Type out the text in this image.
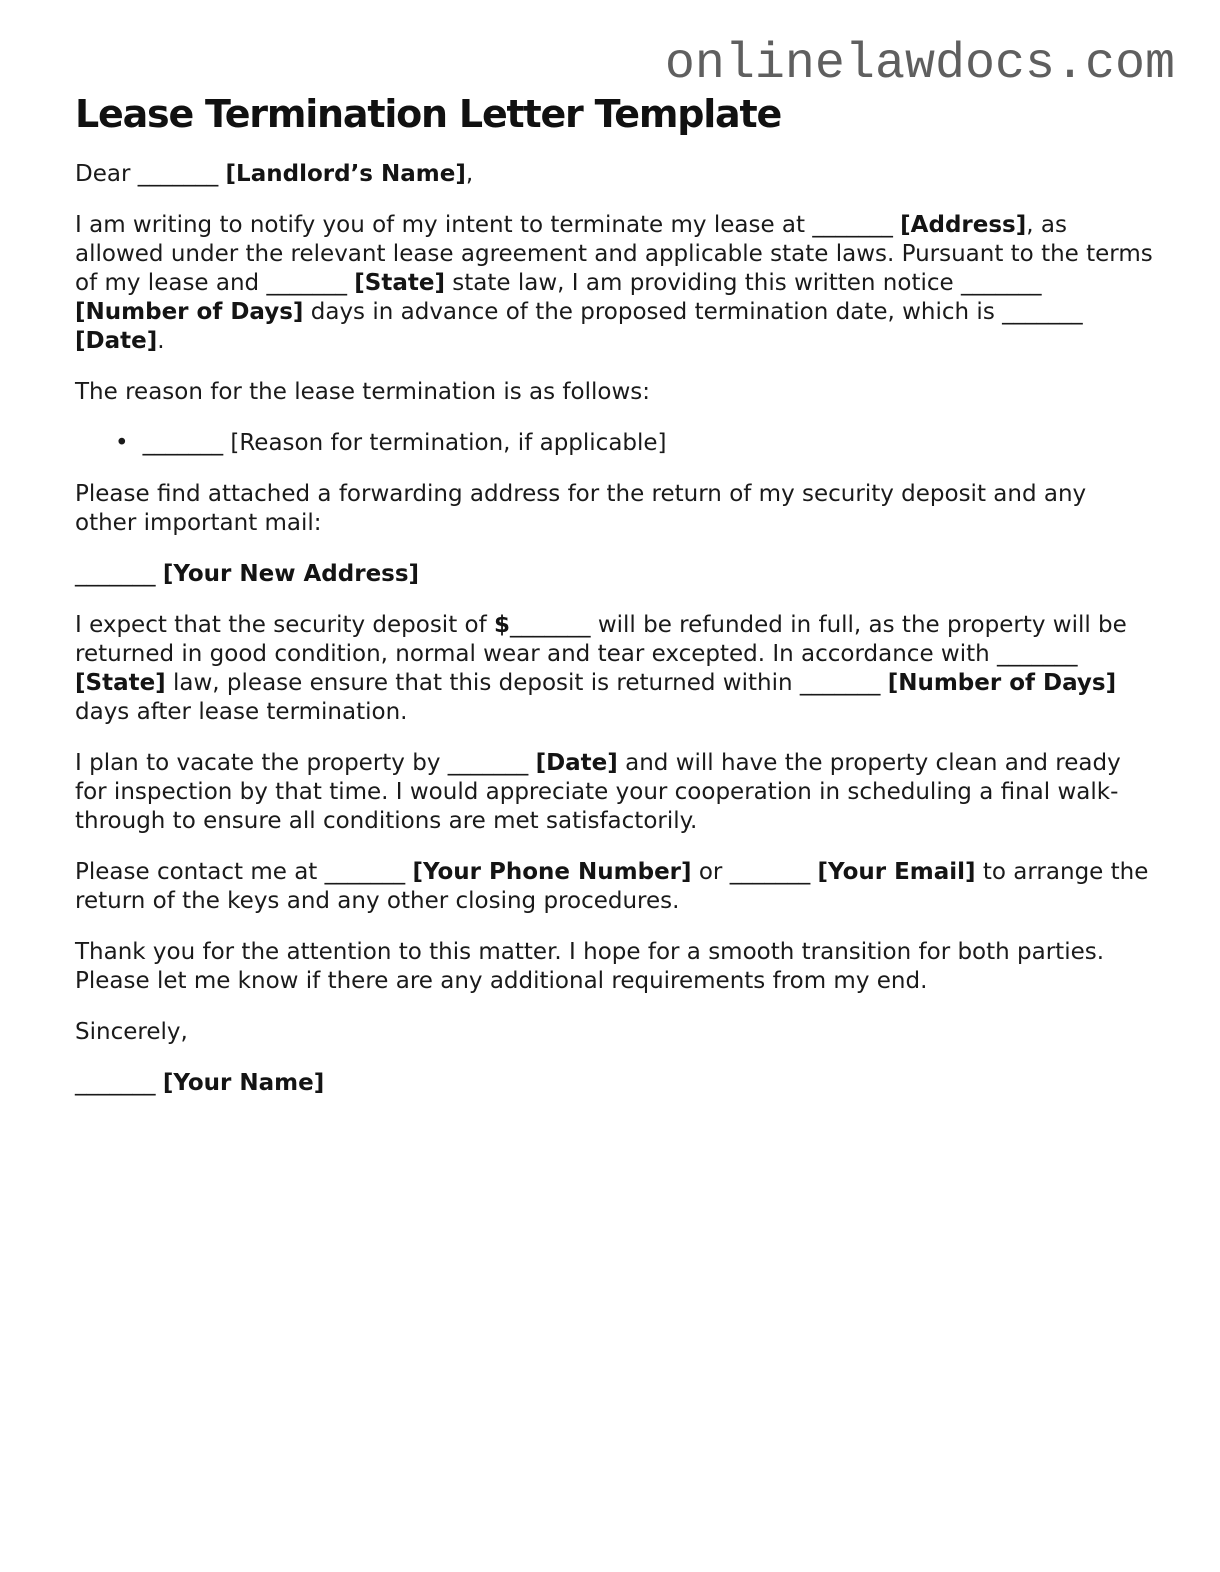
onlinelawdocs.com
Lease Termination Letter Template

Dear _______ [Landlord’s Name],

I am writing to notify you of my intent to terminate my lease at _______ [Address], as allowed under the relevant lease agreement and applicable state laws. Pursuant to the terms of my lease and _______ [State] state law, I am providing this written notice _______ [Number of Days] days in advance of the proposed termination date, which is _______ [Date].

The reason for the lease termination is as follows:

• _______ [Reason for termination, if applicable]

Please find attached a forwarding address for the return of my security deposit and any other important mail:

_______ [Your New Address]

I expect that the security deposit of $_______ will be refunded in full, as the property will be returned in good condition, normal wear and tear excepted. In accordance with _______ [State] law, please ensure that this deposit is returned within _______ [Number of Days] days after lease termination.

I plan to vacate the property by _______ [Date] and will have the property clean and ready for inspection by that time. I would appreciate your cooperation in scheduling a final walk-through to ensure all conditions are met satisfactorily.

Please contact me at _______ [Your Phone Number] or _______ [Your Email] to arrange the return of the keys and any other closing procedures.

Thank you for the attention to this matter. I hope for a smooth transition for both parties. Please let me know if there are any additional requirements from my end.

Sincerely,

_______ [Your Name]
